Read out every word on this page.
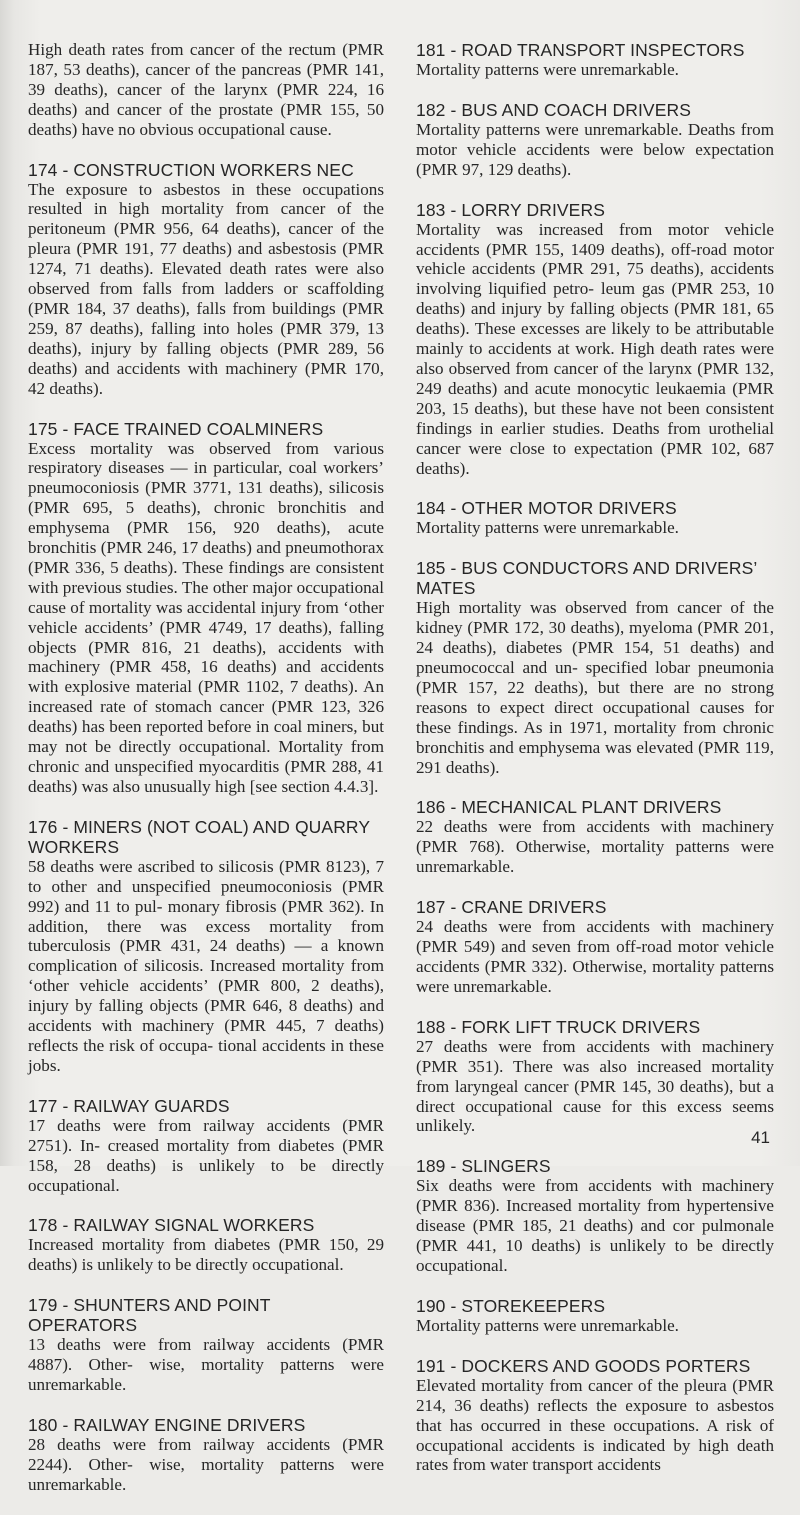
High death rates from cancer of the rectum (PMR 187, 53 deaths), cancer of the pancreas (PMR 141, 39 deaths), cancer of the larynx (PMR 224, 16 deaths) and cancer of the prostate (PMR 155, 50 deaths) have no obvious occupational cause.

174 - CONSTRUCTION WORKERS NEC

The exposure to asbestos in these occupations resulted in high mortality from cancer of the peritoneum (PMR 956, 64 deaths), cancer of the pleura (PMR 191, 77 deaths) and asbestosis (PMR 1274, 71 deaths). Elevated death rates were also observed from falls from ladders or scaffolding (PMR 184, 37 deaths), falls from buildings (PMR 259, 87 deaths), falling into holes (PMR 379, 13 deaths), injury by falling objects (PMR 289, 56 deaths) and accidents with machinery (PMR 170, 42 deaths).

175 - FACE TRAINED COALMINERS

Excess mortality was observed from various respiratory diseases — in particular, coal workers’ pneumoconiosis (PMR 3771, 131 deaths), silicosis (PMR 695, 5 deaths), chronic bronchitis and emphysema (PMR 156, 920 deaths), acute bronchitis (PMR 246, 17 deaths) and pneumothorax (PMR 336, 5 deaths). These findings are consistent with previous studies. The other major occupational cause of mortality was accidental injury from ‘other vehicle accidents’ (PMR 4749, 17 deaths), falling objects (PMR 816, 21 deaths), accidents with machinery (PMR 458, 16 deaths) and accidents with explosive material (PMR 1102, 7 deaths). An increased rate of stomach cancer (PMR 123, 326 deaths) has been reported before in coal miners, but may not be directly occupational. Mortality from chronic and unspecified myocarditis (PMR 288, 41 deaths) was also unusually high [see section 4.4.3].

176 - MINERS (NOT COAL) AND QUARRY WORKERS

58 deaths were ascribed to silicosis (PMR 8123), 7 to other and unspecified pneumoconiosis (PMR 992) and 11 to pul- monary fibrosis (PMR 362). In addition, there was excess mortality from tuberculosis (PMR 431, 24 deaths) — a known complication of silicosis. Increased mortality from ‘other vehicle accidents’ (PMR 800, 2 deaths), injury by falling objects (PMR 646, 8 deaths) and accidents with machinery (PMR 445, 7 deaths) reflects the risk of occupa- tional accidents in these jobs.

177 - RAILWAY GUARDS

17 deaths were from railway accidents (PMR 2751). In- creased mortality from diabetes (PMR 158, 28 deaths) is unlikely to be directly occupational.

178 - RAILWAY SIGNAL WORKERS

Increased mortality from diabetes (PMR 150, 29 deaths) is unlikely to be directly occupational.

179 - SHUNTERS AND POINT OPERATORS

13 deaths were from railway accidents (PMR 4887). Other- wise, mortality patterns were unremarkable.

180 - RAILWAY ENGINE DRIVERS

28 deaths were from railway accidents (PMR 2244). Other- wise, mortality patterns were unremarkable.

181 - ROAD TRANSPORT INSPECTORS

Mortality patterns were unremarkable.

182 - BUS AND COACH DRIVERS

Mortality patterns were unremarkable. Deaths from motor vehicle accidents were below expectation (PMR 97, 129 deaths).

183 - LORRY DRIVERS

Mortality was increased from motor vehicle accidents (PMR 155, 1409 deaths), off-road motor vehicle accidents (PMR 291, 75 deaths), accidents involving liquified petro- leum gas (PMR 253, 10 deaths) and injury by falling objects (PMR 181, 65 deaths). These excesses are likely to be attributable mainly to accidents at work. High death rates were also observed from cancer of the larynx (PMR 132, 249 deaths) and acute monocytic leukaemia (PMR 203, 15 deaths), but these have not been consistent findings in earlier studies. Deaths from urothelial cancer were close to expectation (PMR 102, 687 deaths).

184 - OTHER MOTOR DRIVERS

Mortality patterns were unremarkable.

185 - BUS CONDUCTORS AND DRIVERS’ MATES

High mortality was observed from cancer of the kidney (PMR 172, 30 deaths), myeloma (PMR 201, 24 deaths), diabetes (PMR 154, 51 deaths) and pneumococcal and un- specified lobar pneumonia (PMR 157, 22 deaths), but there are no strong reasons to expect direct occupational causes for these findings. As in 1971, mortality from chronic bronchitis and emphysema was elevated (PMR 119, 291 deaths).

186 - MECHANICAL PLANT DRIVERS

22 deaths were from accidents with machinery (PMR 768). Otherwise, mortality patterns were unremarkable.

187 - CRANE DRIVERS

24 deaths were from accidents with machinery (PMR 549) and seven from off-road motor vehicle accidents (PMR 332). Otherwise, mortality patterns were unremarkable.

188 - FORK LIFT TRUCK DRIVERS

27 deaths were from accidents with machinery (PMR 351). There was also increased mortality from laryngeal cancer (PMR 145, 30 deaths), but a direct occupational cause for this excess seems unlikely.

189 - SLINGERS

Six deaths were from accidents with machinery (PMR 836). Increased mortality from hypertensive disease (PMR 185, 21 deaths) and cor pulmonale (PMR 441, 10 deaths) is unlikely to be directly occupational.

190 - STOREKEEPERS

Mortality patterns were unremarkable.

191 - DOCKERS AND GOODS PORTERS

Elevated mortality from cancer of the pleura (PMR 214, 36 deaths) reflects the exposure to asbestos that has occurred in these occupations. A risk of occupational accidents is indicated by high death rates from water transport accidents

41
